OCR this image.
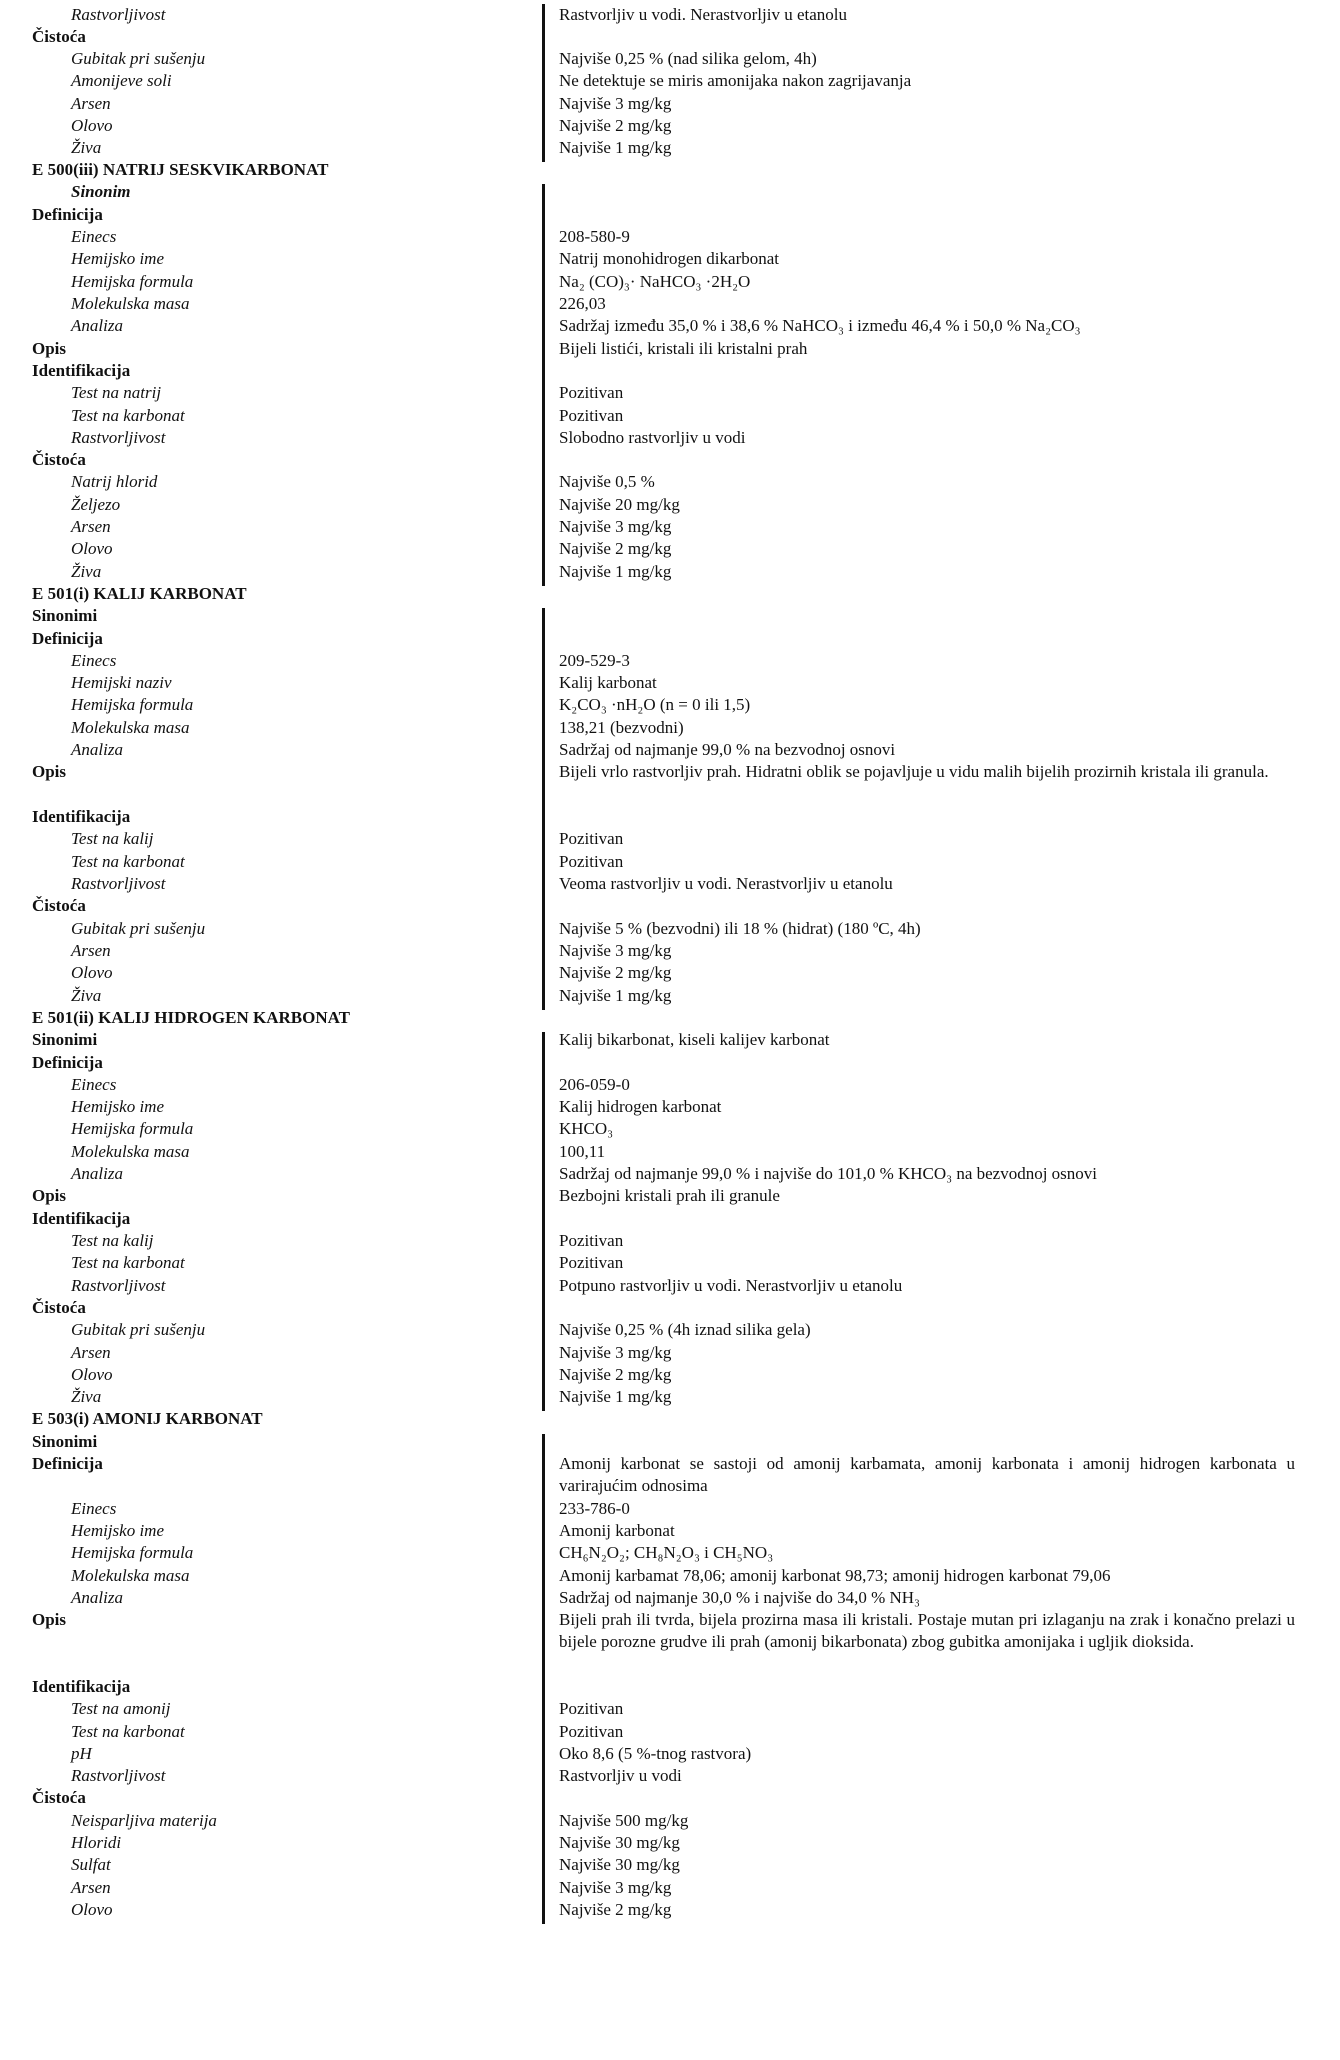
Rastvorljivost	Rastvorljiv u vodi. Nerastvorljiv u etanolu
Čistoća
Gubitak pri sušenju	Najviše 0,25 % (nad silika gelom, 4h)
Amonijeve soli	Ne detektuje se miris amonijaka nakon zagrijavanja
Arsen	Najviše 3 mg/kg
Olovo	Najviše 2 mg/kg
Živa	Najviše 1 mg/kg
E 500(iii) NATRIJ SESKVIKARBONAT
Sinonim
Definicija
Einecs	208-580-9
Hemijsko ime	Natrij monohidrogen dikarbonat
Hemijska formula	Na₂ (CO)₃· NaHCO₃ ·2H₂O
Molekulska masa	226,03
Analiza	Sadržaj između 35,0 % i 38,6 % NaHCO₃ i između 46,4 % i 50,0 % Na₂CO₃
Opis	Bijeli listići, kristali ili kristalni prah
Identifikacija
Test na natrij	Pozitivan
Test na karbonat	Pozitivan
Rastvorljivost	Slobodno rastvorljiv u vodi
Čistoća
Natrij hlorid	Najviše 0,5 %
Željezo	Najviše 20 mg/kg
Arsen	Najviše 3 mg/kg
Olovo	Najviše 2 mg/kg
Živa	Najviše 1 mg/kg
E 501(i) KALIJ KARBONAT
Sinonimi
Definicija
Einecs	209-529-3
Hemijski naziv	Kalij karbonat
Hemijska formula	K₂CO₃ ·nH₂O (n = 0 ili 1,5)
Molekulska masa	138,21 (bezvodni)
Analiza	Sadržaj od najmanje 99,0 % na bezvodnoj osnovi
Opis	Bijeli vrlo rastvorljiv prah. Hidratni oblik se pojavljuje u vidu malih bijelih prozirnih kristala ili granula.
Identifikacija
Test na kalij	Pozitivan
Test na karbonat	Pozitivan
Rastvorljivost	Veoma rastvorljiv u vodi. Nerastvorljiv u etanolu
Čistoća
Gubitak pri sušenju	Najviše 5 % (bezvodni) ili 18 % (hidrat) (180 ºC, 4h)
Arsen	Najviše 3 mg/kg
Olovo	Najviše 2 mg/kg
Živa	Najviše 1 mg/kg
E 501(ii) KALIJ HIDROGEN KARBONAT
Sinonimi	Kalij bikarbonat, kiseli kalijev karbonat
Definicija
Einecs	206-059-0
Hemijsko ime	Kalij hidrogen karbonat
Hemijska formula	KHCO₃
Molekulska masa	100,11
Analiza	Sadržaj od najmanje 99,0 % i najviše do 101,0 % KHCO₃ na bezvodnoj osnovi
Opis	Bezbojni kristali prah ili granule
Identifikacija
Test na kalij	Pozitivan
Test na karbonat	Pozitivan
Rastvorljivost	Potpuno rastvorljiv u vodi. Nerastvorljiv u etanolu
Čistoća
Gubitak pri sušenju	Najviše 0,25 % (4h iznad silika gela)
Arsen	Najviše 3 mg/kg
Olovo	Najviše 2 mg/kg
Živa	Najviše 1 mg/kg
E 503(i) AMONIJ KARBONAT
Sinonimi
Definicija	Amonij karbonat se sastoji od amonij karbamata, amonij karbonata i amonij hidrogen karbonata u varirajućim odnosima
Einecs	233-786-0
Hemijsko ime	Amonij karbonat
Hemijska formula	CH₆N₂O₂; CH₈N₂O₃ i CH₅NO₃
Molekulska masa	Amonij karbamat 78,06; amonij karbonat 98,73; amonij hidrogen karbonat 79,06
Analiza	Sadržaj od najmanje 30,0 % i najviše do 34,0 % NH₃
Opis	Bijeli prah ili tvrda, bijela prozirna masa ili kristali. Postaje mutan pri izlaganju na zrak i konačno prelazi u bijele porozne grudve ili prah (amonij bikarbonata) zbog gubitka amonijaka i ugljik dioksida.
Identifikacija
Test na amonij	Pozitivan
Test na karbonat	Pozitivan
pH	Oko 8,6 (5 %-tnog rastvora)
Rastvorljivost	Rastvorljiv u vodi
Čistoća
Neisparljiva materija	Najviše 500 mg/kg
Hloridi	Najviše 30 mg/kg
Sulfat	Najviše 30 mg/kg
Arsen	Najviše 3 mg/kg
Olovo	Najviše 2 mg/kg
